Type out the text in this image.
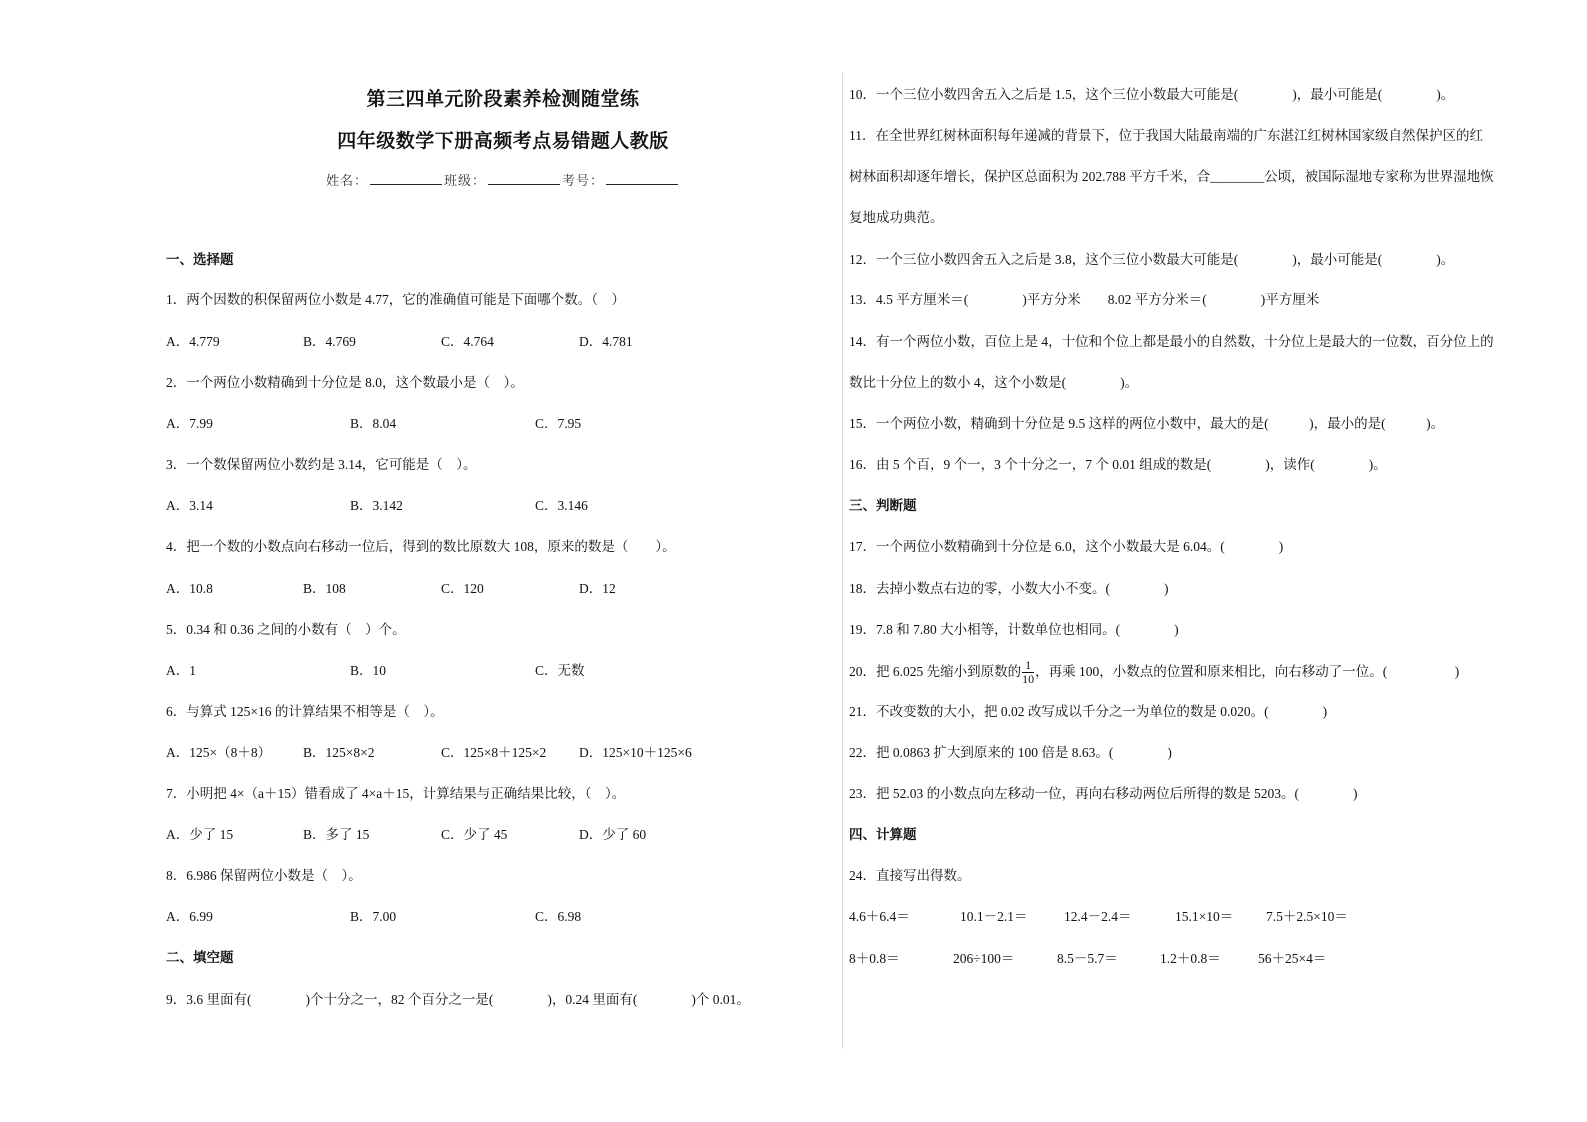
第三四单元阶段素养检测随堂练
四年级数学下册高频考点易错题人教版
姓名：	班级：	考号：
一、选择题
1．两个因数的积保留两位小数是 4.77，它的准确值可能是下面哪个数。（　）
A．4.779	B．4.769	C．4.764	D．4.781
2．一个两位小数精确到十分位是 8.0，这个数最小是（　）。
A．7.99	B．8.04	C．7.95
3．一个数保留两位小数约是 3.14，它可能是（　）。
A．3.14	B．3.142	C．3.146
4．把一个数的小数点向右移动一位后，得到的数比原数大 108，原来的数是（　　）。
A．10.8	B．108	C．120	D．12
5．0.34 和 0.36 之间的小数有（　）个。
A．1	B．10	C．无数
6．与算式 125×16 的计算结果不相等是（　）。
A．125×（8＋8） B．125×8×2	C．125×8＋125×2 D．125×10＋125×6
7．小明把 4×（a＋15）错看成了 4×a＋15，计算结果与正确结果比较，（　）。
A．少了 15	B．多了 15	C．少了 45	D．少了 60
8．6.986 保留两位小数是（　）。
A．6.99	B．7.00	C．6.98
二、填空题
9．3.6 里面有(　　　　)个十分之一，82 个百分之一是(　　　　)，0.24 里面有(　　　　)个 0.01。
10．一个三位小数四舍五入之后是 1.5，这个三位小数最大可能是(　　　　)，最小可能是(　　　　)。
11．在全世界红树林面积每年递减的背景下，位于我国大陆最南端的广东湛江红树林国家级自然保护区的红
树林面积却逐年增长，保护区总面积为 202.788 平方千米，合________公顷，被国际湿地专家称为世界湿地恢
复地成功典范。
12．一个三位小数四舍五入之后是 3.8，这个三位小数最大可能是(　　　　)，最小可能是(　　　　)。
13．4.5 平方厘米＝(　　　　)平方分米　　8.02 平方分米＝(　　　　)平方厘米
14．有一个两位小数，百位上是 4，十位和个位上都是最小的自然数，十分位上是最大的一位数，百分位上的
数比十分位上的数小 4，这个小数是(　　　　)。
15．一个两位小数，精确到十分位是 9.5 这样的两位小数中，最大的是(　　　)，最小的是(　　　)。
16．由 5 个百，9 个一，3 个十分之一，7 个 0.01 组成的数是(　　　　)，读作(　　　　)。
三、判断题
17．一个两位小数精确到十分位是 6.0，这个小数最大是 6.04。(　　　　)
18．去掉小数点右边的零，小数大小不变。(　　　　)
19．7.8 和 7.80 大小相等，计数单位也相同。(　　　　)
20．把 6.025 先缩小到原数的 $\frac{1}{10}$ ，再乘 100，小数点的位置和原来相比，向右移动了一位。(　　　　　)
21．不改变数的大小，把 0.02 改写成以千分之一为单位的数是 0.020。(　　　　)
22．把 0.0863 扩大到原来的 100 倍是 8.63。(　　　　)
23．把 52.03 的小数点向左移动一位，再向右移动两位后所得的数是 5203。(　　　　)
四、计算题
24．直接写出得数。
4.6＋6.4＝	10.1－2.1＝	12.4－2.4＝	15.1×10＝ 7.5＋2.5×10＝
8＋0.8＝	206÷100＝	8.5－5.7＝	1.2＋0.8＝	56＋25×4＝
